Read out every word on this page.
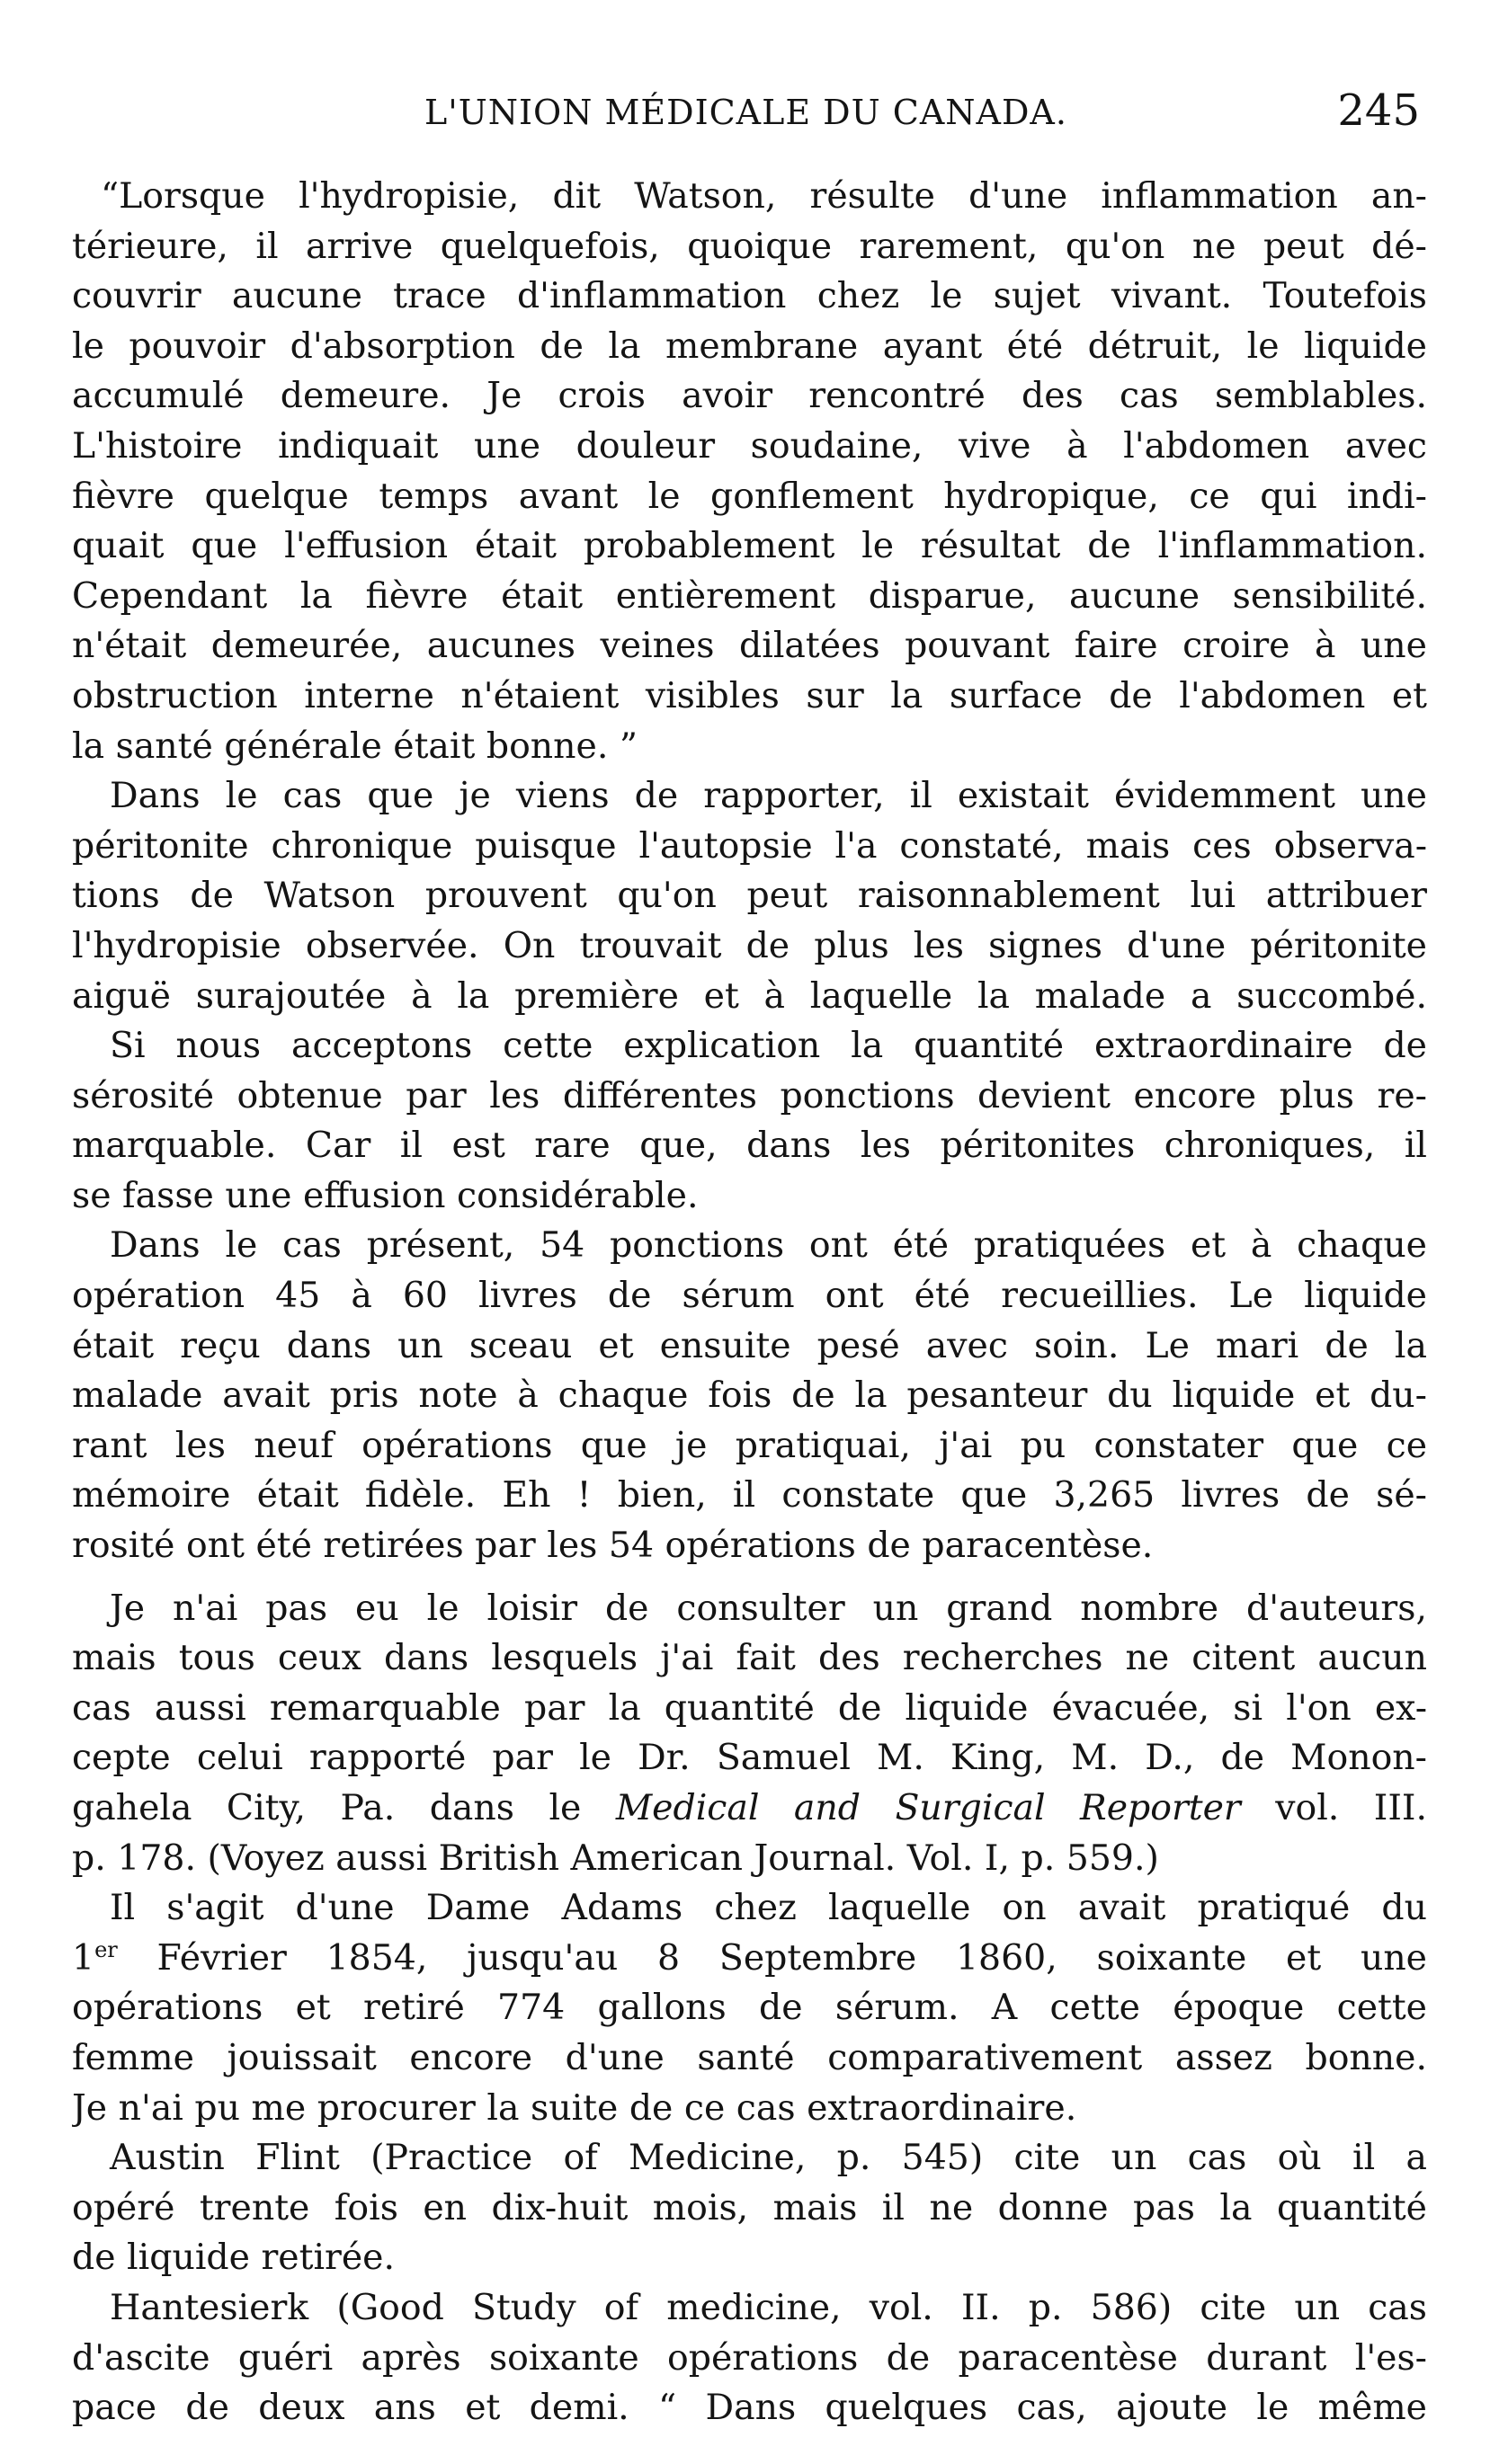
L'UNION MÉDICALE DU CANADA.	245
“Lorsque l'hydropisie, dit Watson, résulte d'une inflammation an-
térieure, il arrive quelquefois, quoique rarement, qu'on ne peut dé-
couvrir aucune trace d'inflammation chez le sujet vivant. Toutefois
le pouvoir d'absorption de la membrane ayant été détruit, le liquide
accumulé demeure. Je crois avoir rencontré des cas semblables.
L'histoire indiquait une douleur soudaine, vive à l'abdomen avec
fièvre quelque temps avant le gonflement hydropique, ce qui indi-
quait que l'effusion était probablement le résultat de l'inflammation.
Cependant la fièvre était entièrement disparue, aucune sensibilité.
n'était demeurée, aucunes veines dilatées pouvant faire croire à une
obstruction interne n'étaient visibles sur la surface de l'abdomen et
la santé générale était bonne. ”
Dans le cas que je viens de rapporter, il existait évidemment une
péritonite chronique puisque l'autopsie l'a constaté, mais ces observa-
tions de Watson prouvent qu'on peut raisonnablement lui attribuer
l'hydropisie observée. On trouvait de plus les signes d'une péritonite
aiguë surajoutée à la première et à laquelle la malade a succombé.
Si nous acceptons cette explication la quantité extraordinaire de
sérosité obtenue par les différentes ponctions devient encore plus re-
marquable. Car il est rare que, dans les péritonites chroniques, il
se fasse une effusion considérable.
Dans le cas présent, 54 ponctions ont été pratiquées et à chaque
opération 45 à 60 livres de sérum ont été recueillies. Le liquide
était reçu dans un sceau et ensuite pesé avec soin. Le mari de la
malade avait pris note à chaque fois de la pesanteur du liquide et du-
rant les neuf opérations que je pratiquai, j'ai pu constater que ce
mémoire était fidèle. Eh ! bien, il constate que 3,265 livres de sé-
rosité ont été retirées par les 54 opérations de paracentèse.
Je n'ai pas eu le loisir de consulter un grand nombre d'auteurs,
mais tous ceux dans lesquels j'ai fait des recherches ne citent aucun
cas aussi remarquable par la quantité de liquide évacuée, si l'on ex-
cepte celui rapporté par le Dr. Samuel M. King, M. D., de Monon-
gahela City, Pa. dans le Medical and Surgical Reporter vol. III.
p. 178. (Voyez aussi British American Journal. Vol. I, p. 559.)
Il s'agit d'une Dame Adams chez laquelle on avait pratiqué du
1er Février 1854, jusqu'au 8 Septembre 1860, soixante et une
opérations et retiré 774 gallons de sérum. A cette époque cette
femme jouissait encore d'une santé comparativement assez bonne.
Je n'ai pu me procurer la suite de ce cas extraordinaire.
Austin Flint (Practice of Medicine, p. 545) cite un cas où il a
opéré trente fois en dix-huit mois, mais il ne donne pas la quantité
de liquide retirée.
Hantesierk (Good Study of medicine, vol. II. p. 586) cite un cas
d'ascite guéri après soixante opérations de paracentèse durant l'es-
pace de deux ans et demi. “ Dans quelques cas, ajoute le même
